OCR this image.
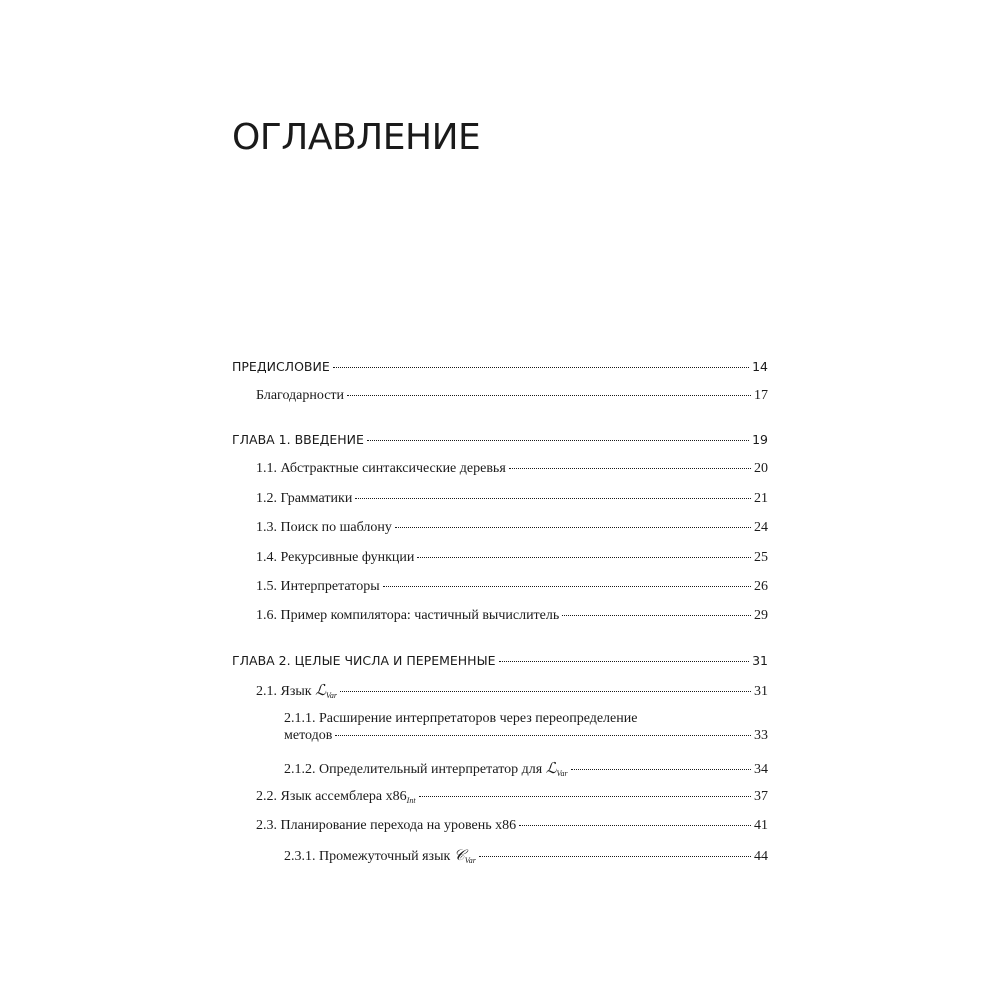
ОГЛАВЛЕНИЕ
ПРЕДИСЛОВИЕ	14
Благодарности	17
ГЛАВА 1. ВВЕДЕНИЕ	19
1.1. Абстрактные синтаксические деревья	20
1.2. Грамматики	21
1.3. Поиск по шаблону	24
1.4. Рекурсивные функции	25
1.5. Интерпретаторы	26
1.6. Пример компилятора: частичный вычислитель	29
ГЛАВА 2. ЦЕЛЫЕ ЧИСЛА И ПЕРЕМЕННЫЕ	31
2.1. Язык ℒ$_{Var}$	31
2.1.1. Расширение интерпретаторов через переопределение
методов	33
2.1.2. Определительный интерпретатор для ℒ$_{Var}$	34
2.2. Язык ассемблера $x86_{Int}$	37
2.3. Планирование перехода на уровень x86	41
2.3.1. Промежуточный язык 𝒞$_{Var}$	44
